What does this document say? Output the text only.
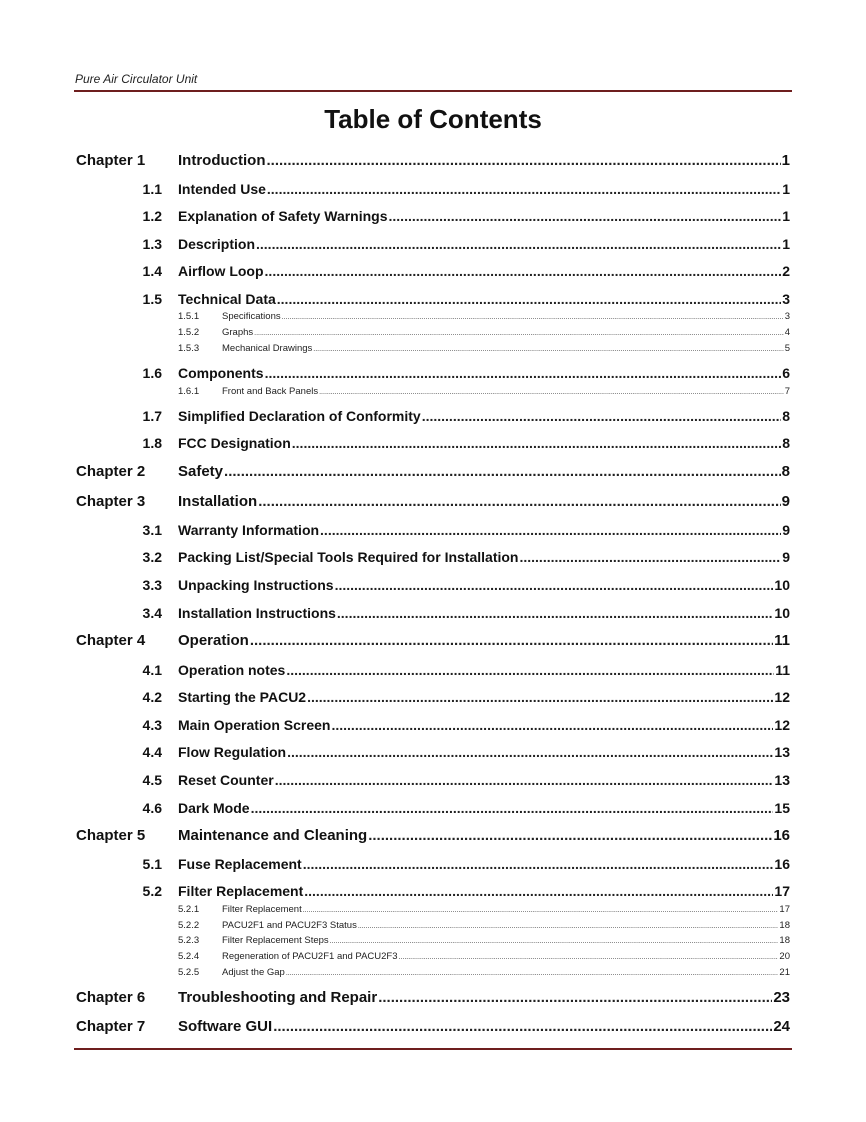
Pure Air Circulator Unit
Table of Contents
Chapter 1 Introduction .....	1
1.1 Intended Use .....	1
1.2 Explanation of Safety Warnings .....	1
1.3 Description .....	1
1.4 Airflow Loop .....	2
1.5 Technical Data .....	3
1.5.1 Specifications .....	3
1.5.2 Graphs .....	4
1.5.3 Mechanical Drawings .....	5
1.6 Components .....	6
1.6.1 Front and Back Panels .....	7
1.7 Simplified Declaration of Conformity .....	8
1.8 FCC Designation .....	8
Chapter 2 Safety .....	8
Chapter 3 Installation .....	9
3.1 Warranty Information .....	9
3.2 Packing List/Special Tools Required for Installation .....	9
3.3 Unpacking Instructions .....	10
3.4 Installation Instructions .....	10
Chapter 4 Operation .....	11
4.1 Operation notes .....	11
4.2 Starting the PACU2 .....	12
4.3 Main Operation Screen .....	12
4.4 Flow Regulation .....	13
4.5 Reset Counter .....	13
4.6 Dark Mode .....	15
Chapter 5 Maintenance and Cleaning .....	16
5.1 Fuse Replacement .....	16
5.2 Filter Replacement .....	17
5.2.1 Filter Replacement .....	17
5.2.2 PACU2F1 and PACU2F3 Status .....	18
5.2.3 Filter Replacement Steps .....	18
5.2.4 Regeneration of PACU2F1 and PACU2F3 .....	20
5.2.5 Adjust the Gap .....	21
Chapter 6 Troubleshooting and Repair .....	23
Chapter 7 Software GUI .....	24
